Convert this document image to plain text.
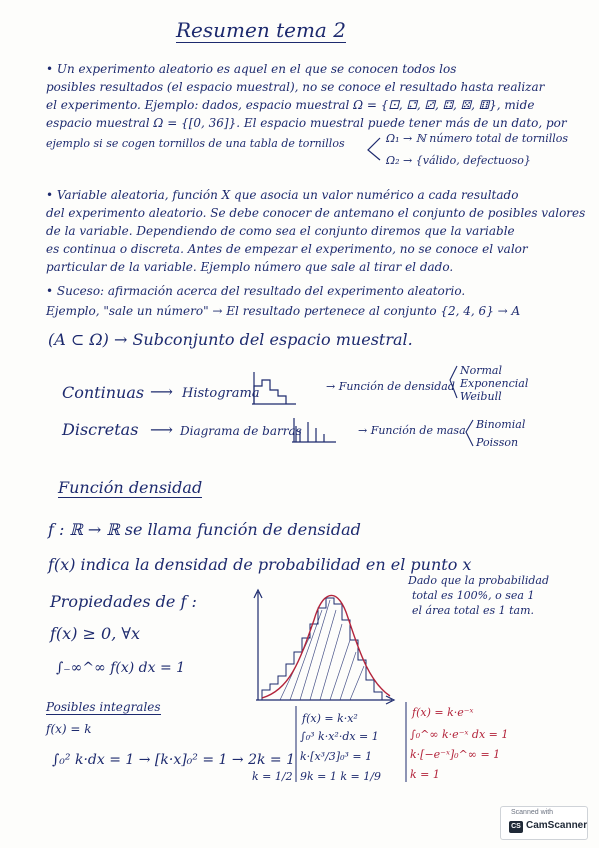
Resumen tema 2
• Un experimento aleatorio es aquel en el que se conocen todos los
posibles resultados (el espacio muestral), no se conoce el resultado hasta realizar
el experimento. Ejemplo: dados, espacio muestral Ω = {⚀, ⚁, ⚂, ⚃, ⚄, ⚅}, mide
espacio muestral Ω = {[0, 36]}. El espacio muestral puede tener más de un dato, por
ejemplo si se cogen tornillos de una tabla de tornillos	Ω₁ → ℕ número total de tornillos
Ω₂ → {válido, defectuoso}
• Variable aleatoria, función X que asocia un valor numérico a cada resultado
del experimento aleatorio. Se debe conocer de antemano el conjunto de posibles valores
de la variable. Dependiendo de como sea el conjunto diremos que la variable
es continua o discreta. Antes de empezar el experimento, no se conoce el valor
particular de la variable. Ejemplo número que sale al tirar el dado.
• Suceso: afirmación acerca del resultado del experimento aleatorio.
Ejemplo, "sale un número" → El resultado pertenece al conjunto {2, 4, 6} → A
(A ⊂ Ω) → Subconjunto del espacio muestral.
Continuas ⟶ Histograma	→ Función de densidad
Normal
Exponencial
Weibull
Discretas ⟶ Diagrama de barras	→ Función de masa Binomial
Poisson
Función densidad
f : ℝ → ℝ se llama función de densidad
f(x) indica la densidad de probabilidad en el punto x
Propiedades de f :
f(x) ≥ 0, ∀x
∫₋∞^∞ f(x) dx = 1
Dado que la probabilidad
total es 100%, o sea 1
el área total es 1 tam.
Posibles integrales
f(x) = k
∫₀² k·dx = 1 → [k·x]₀² = 1 → 2k = 1
k = 1/2
f(x) = k·x²
∫₀³ k·x²·dx = 1
k·[x³/3]₀³ = 1
9k = 1 k = 1/9
f(x) = k·e⁻ˣ
∫₀^∞ k·e⁻ˣ dx = 1
k·[−e⁻ˣ]₀^∞ = 1
k = 1
Scanned with
CS CamScanner
